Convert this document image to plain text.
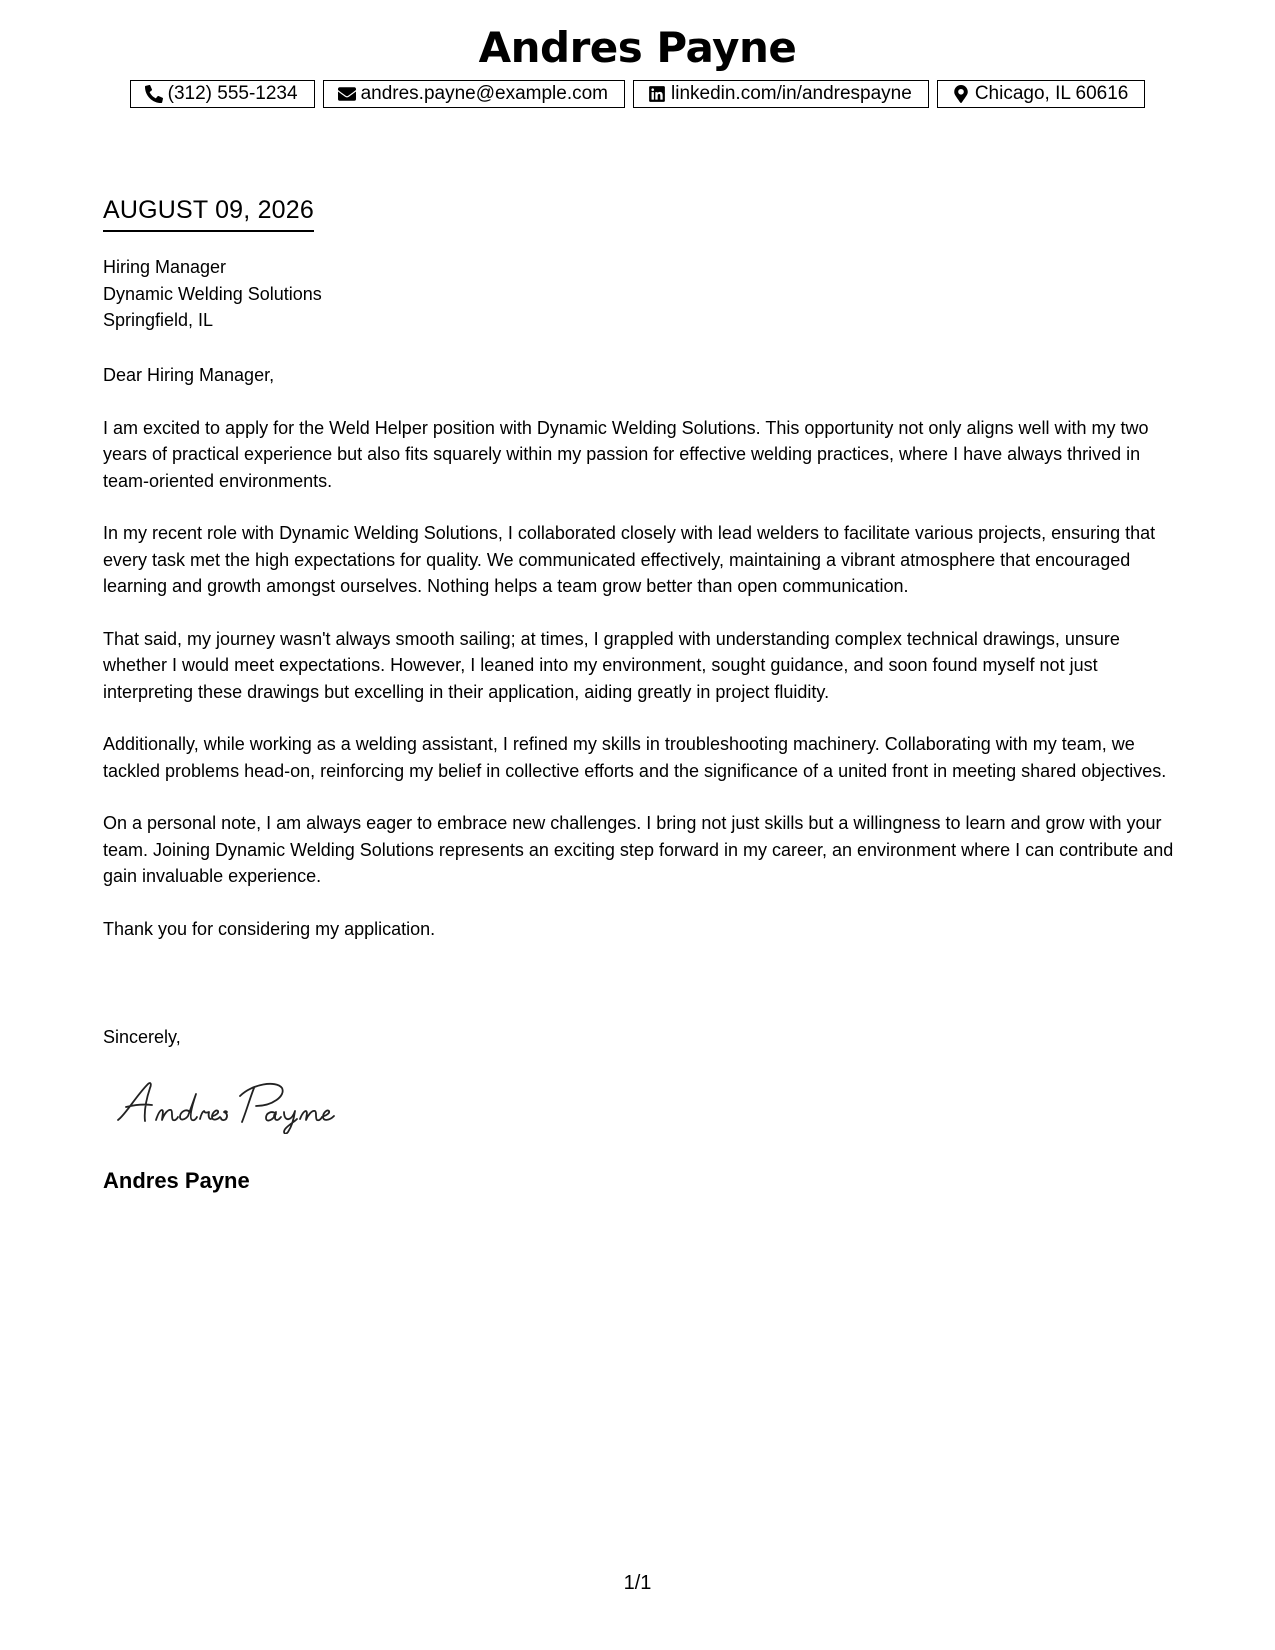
Andres Payne
(312) 555-1234	andres.payne@example.com	linkedin.com/in/andrespayne	Chicago, IL 60616
AUGUST 09, 2026
Hiring Manager
Dynamic Welding Solutions
Springfield, IL

Dear Hiring Manager,

I am excited to apply for the Weld Helper position with Dynamic Welding Solutions. This opportunity not only aligns well with my two years of practical experience but also fits squarely within my passion for effective welding practices, where I have always thrived in team-oriented environments.

In my recent role with Dynamic Welding Solutions, I collaborated closely with lead welders to facilitate various projects, ensuring that every task met the high expectations for quality. We communicated effectively, maintaining a vibrant atmosphere that encouraged learning and growth amongst ourselves. Nothing helps a team grow better than open communication.

That said, my journey wasn't always smooth sailing; at times, I grappled with understanding complex technical drawings, unsure whether I would meet expectations. However, I leaned into my environment, sought guidance, and soon found myself not just interpreting these drawings but excelling in their application, aiding greatly in project fluidity.

Additionally, while working as a welding assistant, I refined my skills in troubleshooting machinery. Collaborating with my team, we tackled problems head-on, reinforcing my belief in collective efforts and the significance of a united front in meeting shared objectives.

On a personal note, I am always eager to embrace new challenges. I bring not just skills but a willingness to learn and grow with your team. Joining Dynamic Welding Solutions represents an exciting step forward in my career, an environment where I can contribute and gain invaluable experience.

Thank you for considering my application.

Sincerely,
Andres Payne
1/1
